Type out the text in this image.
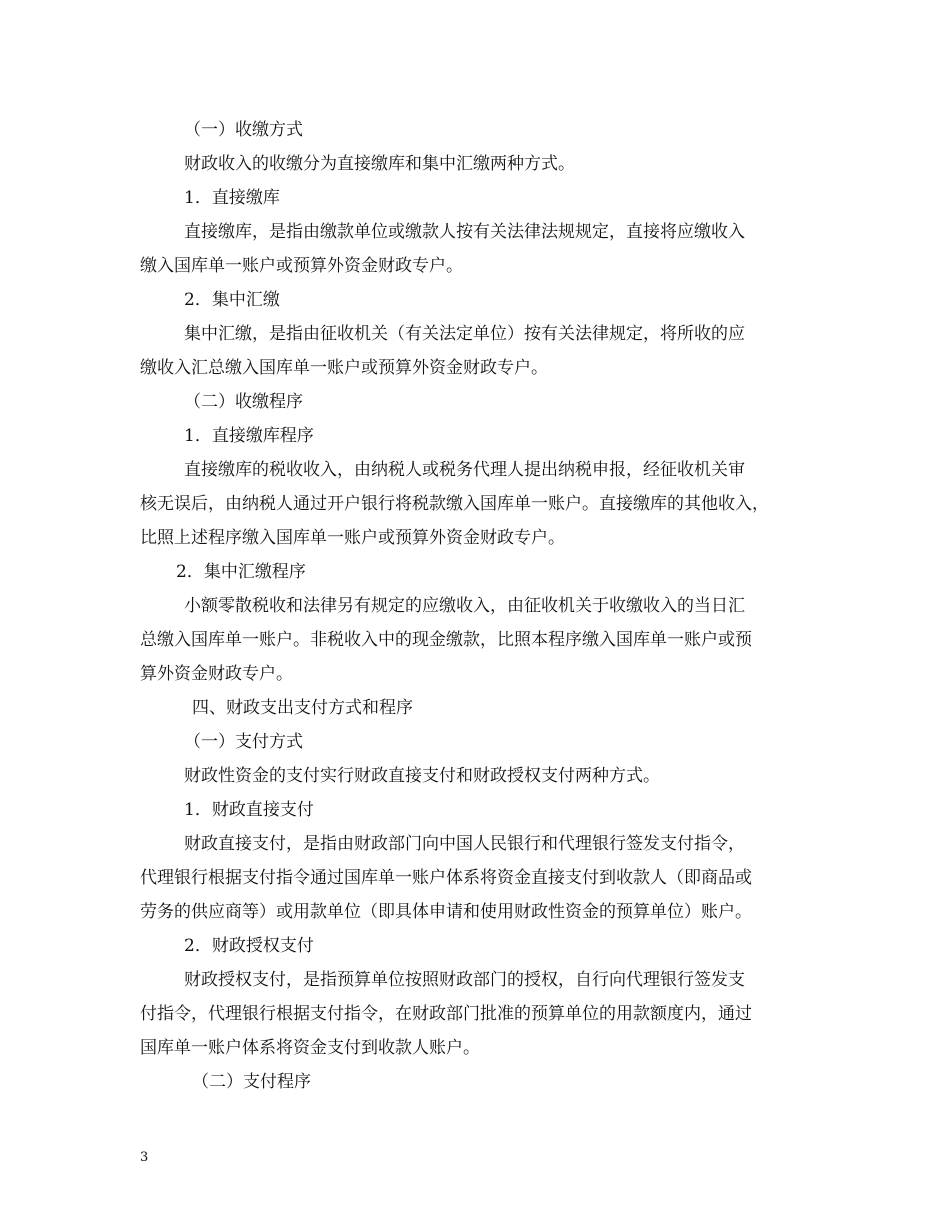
（一）收缴方式

财政收入的收缴分为直接缴库和集中汇缴两种方式。

1．直接缴库

直接缴库，是指由缴款单位或缴款人按有关法律法规规定，直接将应缴收入

缴入国库单一账户或预算外资金财政专户。

2．集中汇缴

集中汇缴，是指由征收机关（有关法定单位）按有关法律规定，将所收的应

缴收入汇总缴入国库单一账户或预算外资金财政专户。

（二）收缴程序

1．直接缴库程序

直接缴库的税收收入，由纳税人或税务代理人提出纳税申报，经征收机关审

核无误后，由纳税人通过开户银行将税款缴入国库单一账户。直接缴库的其他收入，

比照上述程序缴入国库单一账户或预算外资金财政专户。

2．集中汇缴程序

小额零散税收和法律另有规定的应缴收入，由征收机关于收缴收入的当日汇

总缴入国库单一账户。非税收入中的现金缴款，比照本程序缴入国库单一账户或预

算外资金财政专户。

四、财政支出支付方式和程序

（一）支付方式

财政性资金的支付实行财政直接支付和财政授权支付两种方式。

1．财政直接支付

财政直接支付，是指由财政部门向中国人民银行和代理银行签发支付指令，

代理银行根据支付指令通过国库单一账户体系将资金直接支付到收款人（即商品或

劳务的供应商等）或用款单位（即具体申请和使用财政性资金的预算单位）账户。

2．财政授权支付

财政授权支付，是指预算单位按照财政部门的授权，自行向代理银行签发支

付指令，代理银行根据支付指令，在财政部门批准的预算单位的用款额度内，通过

国库单一账户体系将资金支付到收款人账户。

（二）支付程序

3
